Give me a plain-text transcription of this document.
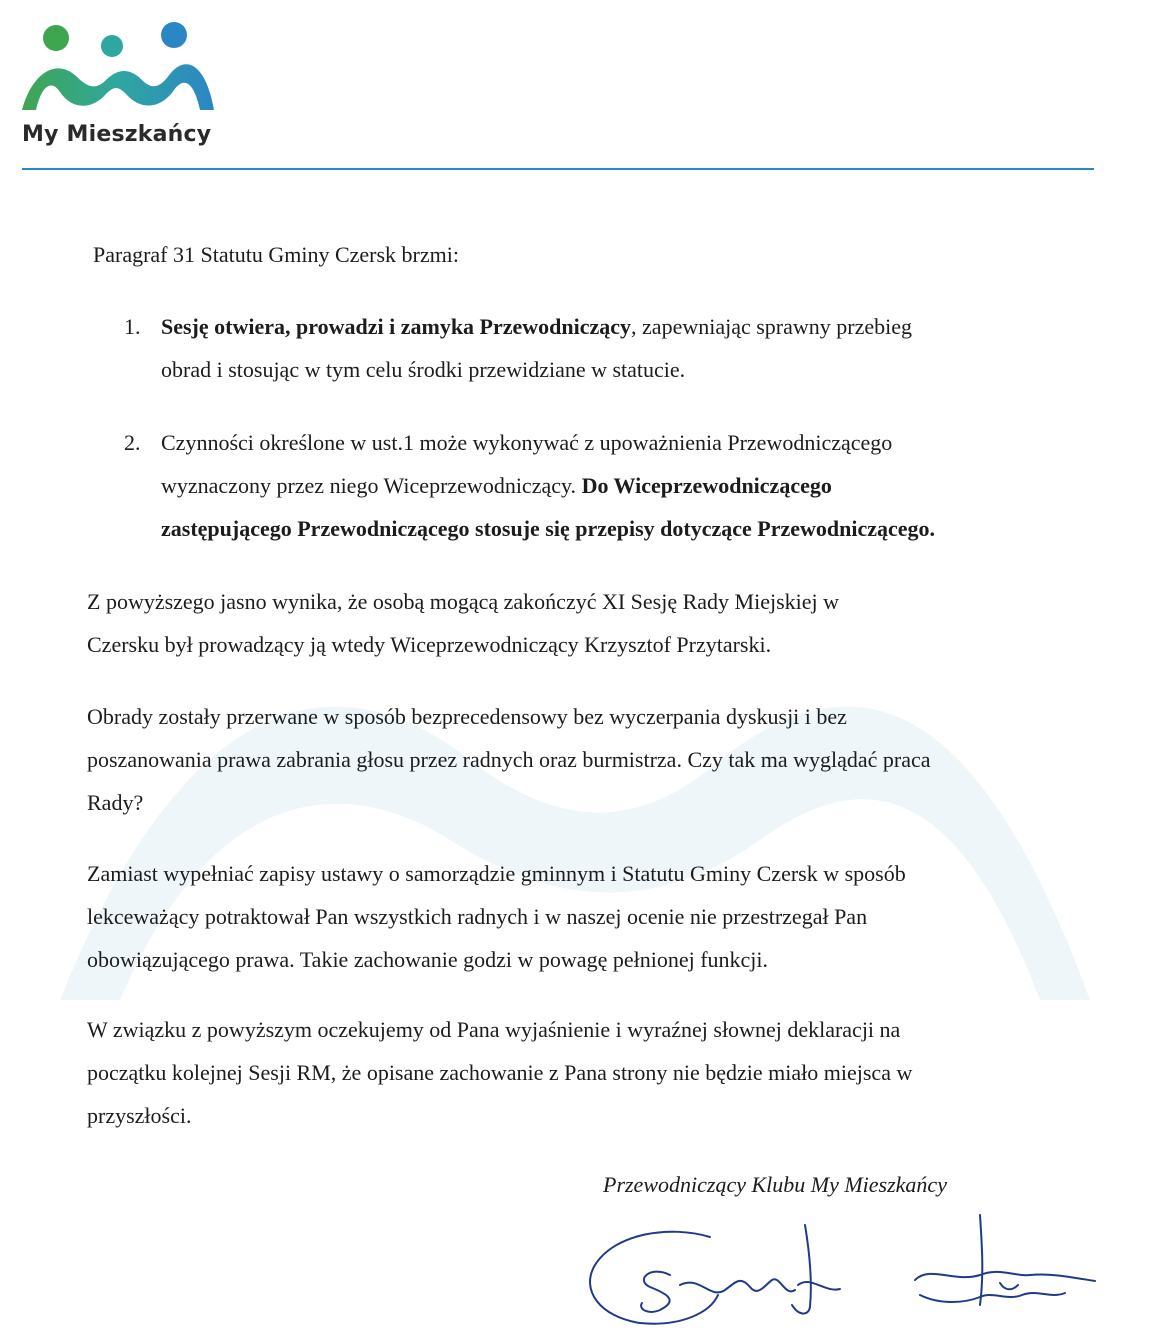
My Mieszkańcy
Paragraf 31 Statutu Gminy Czersk brzmi:
1. Sesję otwiera, prowadzi i zamyka Przewodniczący, zapewniając sprawny przebieg
obrad i stosując w tym celu środki przewidziane w statucie.
2. Czynności określone w ust.1 może wykonywać z upoważnienia Przewodniczącego
wyznaczony przez niego Wiceprzewodniczący. Do Wiceprzewodniczącego
zastępującego Przewodniczącego stosuje się przepisy dotyczące Przewodniczącego.
Z powyższego jasno wynika, że osobą mogącą zakończyć XI Sesję Rady Miejskiej w
Czersku był prowadzący ją wtedy Wiceprzewodniczący Krzysztof Przytarski.
Obrady zostały przerwane w sposób bezprecedensowy bez wyczerpania dyskusji i bez
poszanowania prawa zabrania głosu przez radnych oraz burmistrza. Czy tak ma wyglądać praca
Rady?
Zamiast wypełniać zapisy ustawy o samorządzie gminnym i Statutu Gminy Czersk w sposób
lekceważący potraktował Pan wszystkich radnych i w naszej ocenie nie przestrzegał Pan
obowiązującego prawa. Takie zachowanie godzi w powagę pełnionej funkcji.
W związku z powyższym oczekujemy od Pana wyjaśnienie i wyraźnej słownej deklaracji na
początku kolejnej Sesji RM, że opisane zachowanie z Pana strony nie będzie miało miejsca w
przyszłości.
Przewodniczący Klubu My Mieszkańcy
